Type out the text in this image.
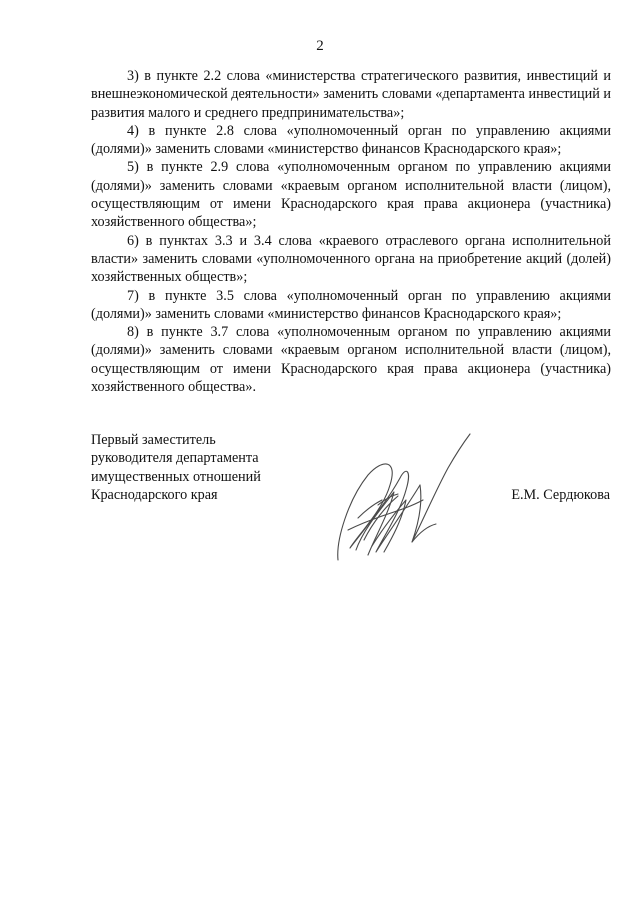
2

3) в пункте 2.2 слова «министерства стратегического развития, инвестиций и внешнеэкономической деятельности» заменить словами «департамента инвестиций и развития малого и среднего предпринимательства»;

4) в пункте 2.8 слова «уполномоченный орган по управлению акциями (долями)» заменить словами «министерство финансов Краснодарского края»;

5) в пункте 2.9 слова «уполномоченным органом по управлению акциями (долями)» заменить словами «краевым органом исполнительной власти (лицом), осуществляющим от имени Краснодарского края права акционера (участника) хозяйственного общества»;

6) в пунктах 3.3 и 3.4 слова «краевого отраслевого органа исполнительной власти» заменить словами «уполномоченного органа на приобретение акций (долей) хозяйственных обществ»;

7) в пункте 3.5 слова «уполномоченный орган по управлению акциями (долями)» заменить словами «министерство финансов Краснодарского края»;

8) в пункте 3.7 слова «уполномоченным органом по управлению акциями (долями)» заменить словами «краевым органом исполнительной власти (лицом), осуществляющим от имени Краснодарского края права акционера (участника) хозяйственного общества».

Первый заместитель
руководителя департамента
имущественных отношений
Краснодарского края	Е.М. Сердюкова
